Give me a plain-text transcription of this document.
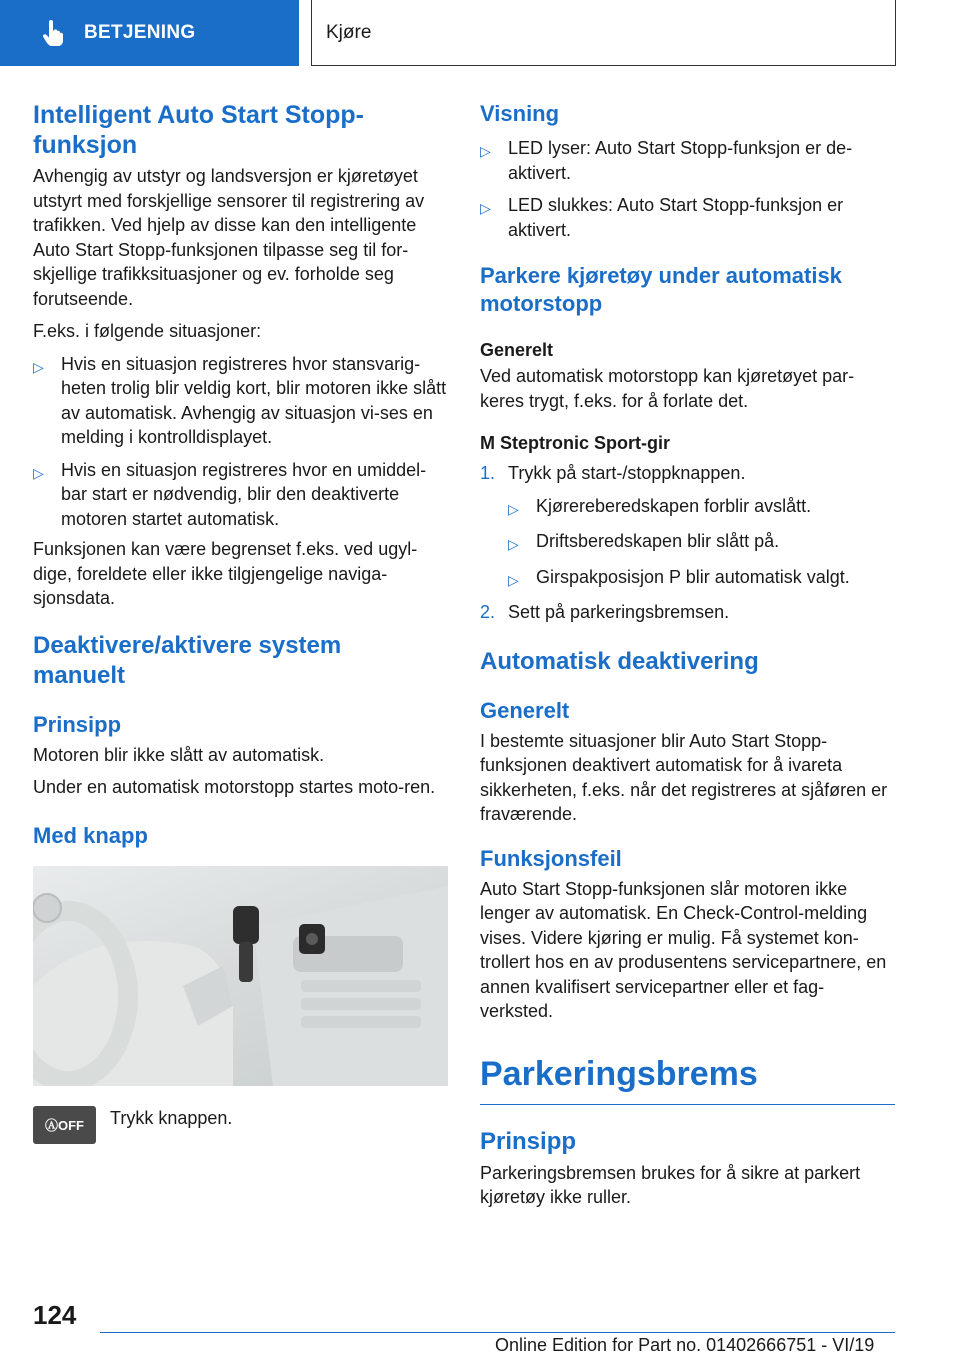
BETJENING	Kjøre
Intelligent Auto Start Stopp-funksjon
Avhengig av utstyr og landsversjon er kjøretøyet utstyrt med forskjellige sensorer til registrering av trafikken. Ved hjelp av disse kan den intelligente Auto Start Stopp-funksjonen tilpasse seg til for-skjellige trafikksituasjoner og ev. forholde seg forutseende.
F.eks. i følgende situasjoner:
▷ Hvis en situasjon registreres hvor stansvarig-heten trolig blir veldig kort, blir motoren ikke slått av automatisk. Avhengig av situasjon vi-ses en melding i kontrolldisplayet.
▷ Hvis en situasjon registreres hvor en umiddel-bar start er nødvendig, blir den deaktiverte motoren startet automatisk.
Funksjonen kan være begrenset f.eks. ved ugyl-dige, foreldete eller ikke tilgjengelige naviga-sjonsdata.
Deaktivere/aktivere system manuelt
Prinsipp
Motoren blir ikke slått av automatisk.
Under en automatisk motorstopp startes moto-ren.
Med knapp
ⒶOFF	Trykk knappen.
Visning
▷ LED lyser: Auto Start Stopp-funksjon er de-aktivert.
▷ LED slukkes: Auto Start Stopp-funksjon er aktivert.
Parkere kjøretøy under automatisk motorstopp
Generelt
Ved automatisk motorstopp kan kjøretøyet par-keres trygt, f.eks. for å forlate det.
M Steptronic Sport-gir
1. Trykk på start-/stoppknappen.
▷ Kjørereberedskapen forblir avslått.
▷ Driftsberedskapen blir slått på.
▷ Girspakposisjon P blir automatisk valgt.
2. Sett på parkeringsbremsen.
Automatisk deaktivering
Generelt
I bestemte situasjoner blir Auto Start Stopp-funksjonen deaktivert automatisk for å ivareta sikkerheten, f.eks. når det registreres at sjåføren er fraværende.
Funksjonsfeil
Auto Start Stopp-funksjonen slår motoren ikke lenger av automatisk. En Check-Control-melding vises. Videre kjøring er mulig. Få systemet kon-trollert hos en av produsentens servicepartnere, en annen kvalifisert servicepartner eller et fag-verksted.
Parkeringsbrems
Prinsipp
Parkeringsbremsen brukes for å sikre at parkert kjøretøy ikke ruller.
124
Online Edition for Part no. 01402666751 - VI/19
